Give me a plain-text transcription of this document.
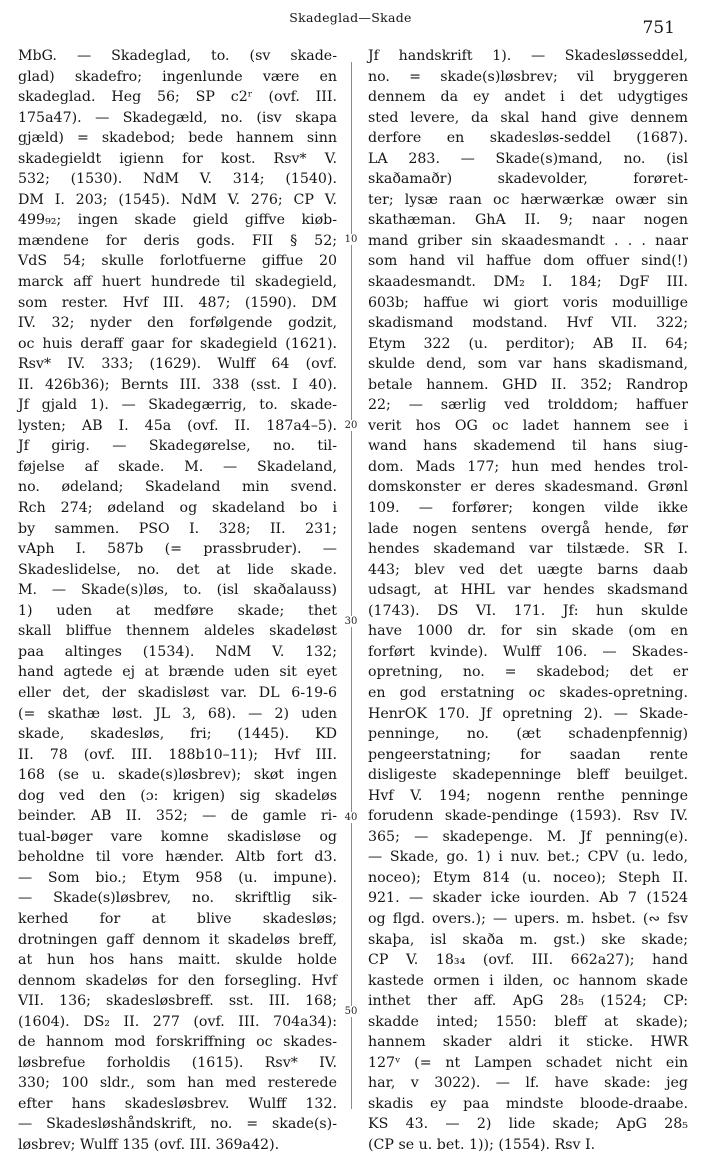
Skadeglad—Skade
751
MbG. — Skadeglad, to. (sv skade-
glad) skadefro; ingenlunde være en
skadeglad. Heg 56; SP c2ʳ (ovf. III.
175a47). — Skadegæld, no. (isv skapa
gjæld) = skadebod; bede hannem sinn
skadegieldt igienn for kost. Rsv* V.
532; (1530). NdM V. 314; (1540).
DM I. 203; (1545). NdM V. 276; CP V.
499₉₂; ingen skade gield giffve kiøb-
mændene for deris gods. FII § 52;
VdS 54; skulle forlotfuerne giffue 20
marck aff huert hundrede til skadegield,
som rester. Hvf III. 487; (1590). DM
IV. 32; nyder den forfølgende godzit,
oc huis deraff gaar for skadegield (1621).
Rsv* IV. 333; (1629). Wulff 64 (ovf.
II. 426b36); Bernts III. 338 (sst. I 40).
Jf gjald 1). — Skadegærrig, to. skade-
lysten; AB I. 45a (ovf. II. 187a4–5).
Jf girig. — Skadegørelse, no. til-
føjelse af skade. M. — Skadeland,
no. ødeland; Skadeland min svend.
Rch 274; ødeland og skadeland bo i
by sammen. PSO I. 328; II. 231;
vAph I. 587b (= prassbruder). —
Skadeslidelse, no. det at lide skade.
M. — Skade(s)løs, to. (isl skaðalauss)
1) uden at medføre skade; thet
skall bliffue thennem aldeles skadeløst
paa altinges (1534). NdM V. 132;
hand agtede ej at brænde uden sit eyet
eller det, der skadisløst var. DL 6-19-6
(= skathæ løst. JL 3, 68). — 2) uden
skade, skadesløs, fri; (1445). KD
II. 78 (ovf. III. 188b10–11); Hvf III.
168 (se u. skade(s)løsbrev); skøt ingen
dog ved den (ɔ: krigen) sig skadeløs
beinder. AB II. 352; — de gamle ri-
tual-bøger vare komne skadisløse og
beholdne til vore hænder. Altb fort d3.
— Som bio.; Etym 958 (u. impune).
— Skade(s)løsbrev, no. skriftlig sik-
kerhed for at blive skadesløs;
drotningen gaff dennom it skadeløs breff,
at hun hos hans maitt. skulde holde
dennom skadeløs for den forsegling. Hvf
VII. 136; skadesløsbreff. sst. III. 168;
(1604). DS₂ II. 277 (ovf. III. 704a34):
de hannom mod forskriffning oc skades-
løsbrefue forholdis (1615). Rsv* IV.
330; 100 sldr., som han med resterede
efter hans skadesløsbrev. Wulff 132.
— Skadesløshåndskrift, no. = skade(s)-
løsbrev; Wulff 135 (ovf. III. 369a42).
Jf handskrift 1). — Skadesløsseddel,
no. = skade(s)løsbrev; vil bryggeren
dennem da ey andet i det udygtiges
sted levere, da skal hand give dennem
derfore en skadesløs-seddel (1687).
LA 283. — Skade(s)mand, no. (isl
skaðamaðr) skadevolder, forøret-
ter; lysæ raan oc hærwærkæ owær sin
skathæman. GhA II. 9; naar nogen
mand griber sin skaadesmandt . . . naar
som hand vil haffue dom offuer sind(!)
skaadesmandt. DM₂ I. 184; DgF III.
603b; haffue wi giort voris moduillige
skadismand modstand. Hvf VII. 322;
Etym 322 (u. perditor); AB II. 64;
skulde dend, som var hans skadismand,
betale hannem. GHD II. 352; Randrop
22; — særlig ved trolddom; haffuer
verit hos OG oc ladet hannem see i
wand hans skademend til hans siug-
dom. Mads 177; hun med hendes trol-
domskonster er deres skadesmand. Grønl
109. — forfører; kongen vilde ikke
lade nogen sentens overgå hende, før
hendes skademand var tilstæde. SR I.
443; blev ved det uægte barns daab
udsagt, at HHL var hendes skadsmand
(1743). DS VI. 171. Jf: hun skulde
have 1000 dr. for sin skade (om en
forført kvinde). Wulff 106. — Skades-
opretning, no. = skadebod; det er
en god erstatning oc skades-opretning.
HenrOK 170. Jf opretning 2). — Skade-
penninge, no. (æt schadenpfennig)
pengeerstatning; for saadan rente
disligeste skadepenninge bleff beuilget.
Hvf V. 194; nogenn renthe penninge
forudenn skade-pendinge (1593). Rsv IV.
365; — skadepenge. M. Jf penning(e).
— Skade, go. 1) i nuv. bet.; CPV (u. ledo,
noceo); Etym 814 (u. noceo); Steph II.
921. — skader icke iourden. Ab 7 (1524
og flgd. overs.); — upers. m. hsbet. (∾ fsv
skaþa, isl skaða m. gst.) ske skade;
CP V. 18₃₄ (ovf. III. 662a27); hand
kastede ormen i ilden, oc hannom skade
inthet ther aff. ApG 28₅ (1524; CP:
skadde inted; 1550: bleff at skade);
hannem skader aldri it sticke. HWR
127ᵛ (= nt Lampen schadet nicht ein
har, v 3022). — lf. have skade: jeg
skadis ey paa mindste bloode-draabe.
KS 43. — 2) lide skade; ApG 28₅
(CP se u. bet. 1)); (1554). Rsv I.
10
20
30
40
50
